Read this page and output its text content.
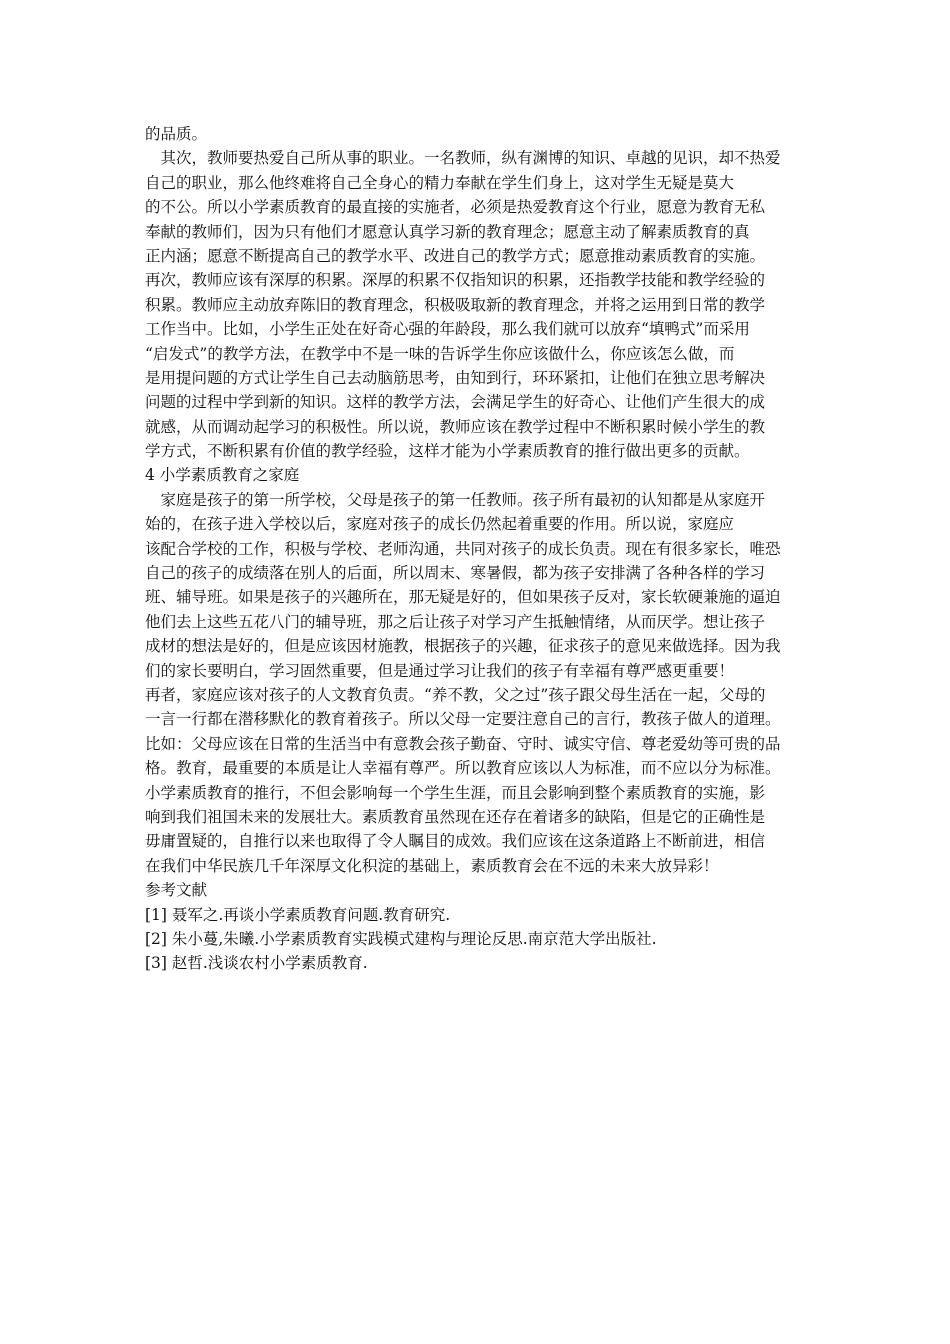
的品质。
　其次，教师要热爱自己所从事的职业。一名教师，纵有渊博的知识、卓越的见识，却不热爱
自己的职业，那么他终难将自己全身心的精力奉献在学生们身上，这对学生无疑是莫大
的不公。所以小学素质教育的最直接的实施者，必须是热爱教育这个行业，愿意为教育无私
奉献的教师们，因为只有他们才愿意认真学习新的教育理念；愿意主动了解素质教育的真
正内涵；愿意不断提高自己的教学水平、改进自己的教学方式；愿意推动素质教育的实施。
再次，教师应该有深厚的积累。深厚的积累不仅指知识的积累，还指教学技能和教学经验的
积累。教师应主动放弃陈旧的教育理念，积极吸取新的教育理念，并将之运用到日常的教学
工作当中。比如，小学生正处在好奇心强的年龄段，那么我们就可以放弃“填鸭式”而采用
“启发式”的教学方法，在教学中不是一味的告诉学生你应该做什么，你应该怎么做，而
是用提问题的方式让学生自己去动脑筋思考，由知到行，环环紧扣，让他们在独立思考解决
问题的过程中学到新的知识。这样的教学方法，会满足学生的好奇心、让他们产生很大的成
就感，从而调动起学习的积极性。所以说，教师应该在教学过程中不断积累时候小学生的教
学方式，不断积累有价值的教学经验，这样才能为小学素质教育的推行做出更多的贡献。
4 小学素质教育之家庭
　家庭是孩子的第一所学校，父母是孩子的第一任教师。孩子所有最初的认知都是从家庭开
始的，在孩子进入学校以后，家庭对孩子的成长仍然起着重要的作用。所以说，家庭应
该配合学校的工作，积极与学校、老师沟通，共同对孩子的成长负责。现在有很多家长，唯恐
自己的孩子的成绩落在别人的后面，所以周末、寒暑假，都为孩子安排满了各种各样的学习
班、辅导班。如果是孩子的兴趣所在，那无疑是好的，但如果孩子反对，家长软硬兼施的逼迫
他们去上这些五花八门的辅导班，那之后让孩子对学习产生抵触情绪，从而厌学。想让孩子
成材的想法是好的，但是应该因材施教，根据孩子的兴趣，征求孩子的意见来做选择。因为我
们的家长要明白，学习固然重要，但是通过学习让我们的孩子有幸福有尊严感更重要！
再者，家庭应该对孩子的人文教育负责。“养不教，父之过”孩子跟父母生活在一起，父母的
一言一行都在潜移默化的教育着孩子。所以父母一定要注意自己的言行，教孩子做人的道理。
比如：父母应该在日常的生活当中有意教会孩子勤奋、守时、诚实守信、尊老爱幼等可贵的品
格。教育，最重要的本质是让人幸福有尊严。所以教育应该以人为标准，而不应以分为标准。
小学素质教育的推行，不但会影响每一个学生生涯，而且会影响到整个素质教育的实施，影
响到我们祖国未来的发展壮大。素质教育虽然现在还存在着诸多的缺陷，但是它的正确性是
毋庸置疑的，自推行以来也取得了令人瞩目的成效。我们应该在这条道路上不断前进，相信
在我们中华民族几千年深厚文化积淀的基础上，素质教育会在不远的未来大放异彩！
参考文献
[1] 聂军之.再谈小学素质教育问题.教育研究.
[2] 朱小蔓,朱曦.小学素质教育实践模式建构与理论反思.南京范大学出版社.
[3] 赵哲.浅谈农村小学素质教育.
